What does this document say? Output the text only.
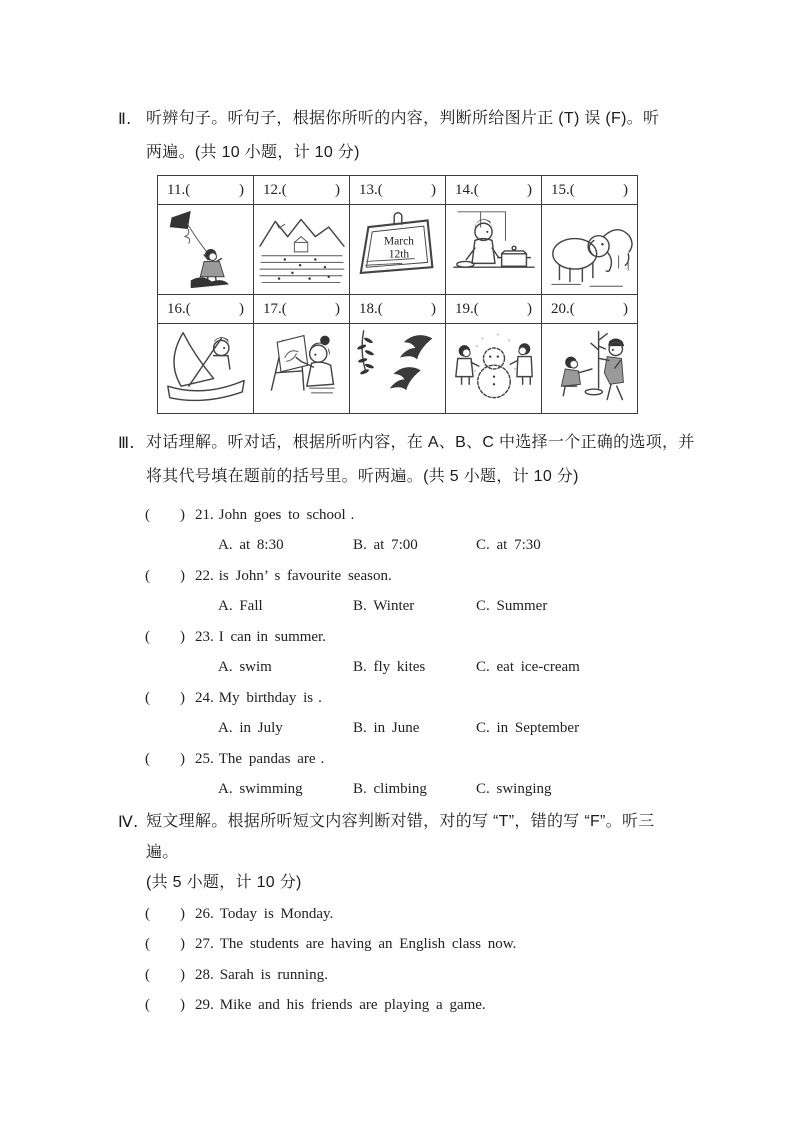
Ⅱ. 听辨句子。听句子，根据你所听的内容，判断所给图片正 (T) 误 (F)。听
两遍。(共 10 小题，计 10 分)
11.( )	12.( )	13.( )	14.( )	15.( )

March
12th

16.( )	17.( )	18.( )	19.( )	20.( )

Ⅲ. 对话理解。听对话，根据所听内容，在 A、B、C 中选择一个正确的选项，并
将其代号填在题前的括号里。听两遍。(共 5 小题，计 10 分)
( ) 21. John goes to school .
A. at 8:30	B. at 7:00	C. at 7:30
( ) 22. is John’ s favourite season.
A. Fall	B. Winter	C. Summer
( ) 23. I can in summer.
A. swim	B. fly kites	C. eat ice-cream
( ) 24. My birthday is .
A. in July	B. in June	C. in September
( ) 25. The pandas are .
A. swimming	B. climbing	C. swinging
Ⅳ. 短文理解。根据所听短文内容判断对错，对的写 “T”，错的写 “F”。听三
遍。
(共 5 小题，计 10 分)
( ) 26. Today is Monday.
( ) 27. The students are having an English class now.
( ) 28. Sarah is running.
( ) 29. Mike and his friends are playing a game.
